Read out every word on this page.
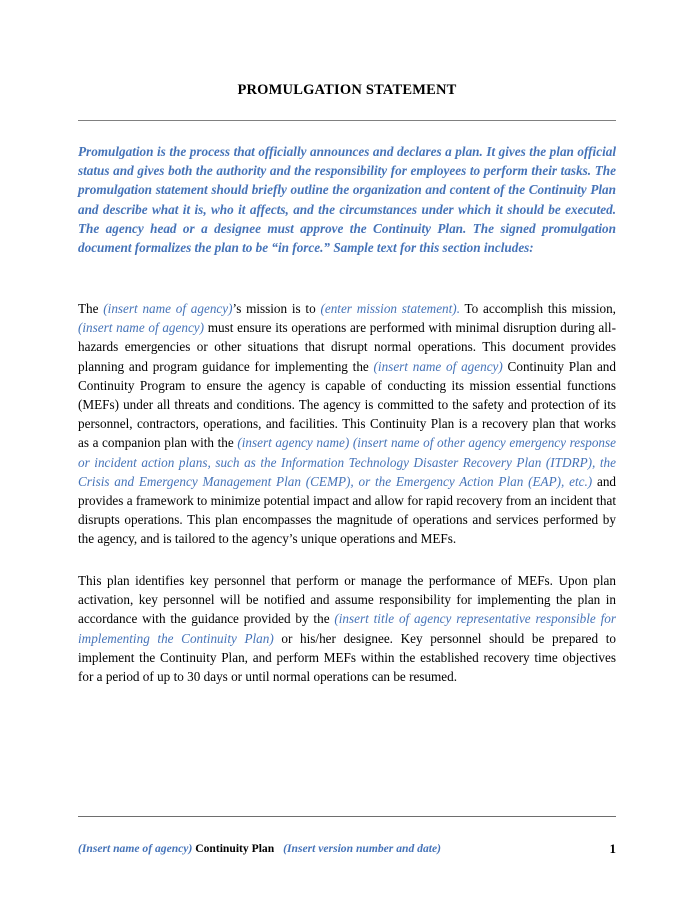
PROMULGATION STATEMENT
Promulgation is the process that officially announces and declares a plan. It gives the plan official status and gives both the authority and the responsibility for employees to perform their tasks. The promulgation statement should briefly outline the organization and content of the Continuity Plan and describe what it is, who it affects, and the circumstances under which it should be executed. The agency head or a designee must approve the Continuity Plan. The signed promulgation document formalizes the plan to be “in force.” Sample text for this section includes:
The (insert name of agency)’s mission is to (enter mission statement). To accomplish this mission, (insert name of agency) must ensure its operations are performed with minimal disruption during all-hazards emergencies or other situations that disrupt normal operations. This document provides planning and program guidance for implementing the (insert name of agency) Continuity Plan and Continuity Program to ensure the agency is capable of conducting its mission essential functions (MEFs) under all threats and conditions. The agency is committed to the safety and protection of its personnel, contractors, operations, and facilities. This Continuity Plan is a recovery plan that works as a companion plan with the (insert agency name) (insert name of other agency emergency response or incident action plans, such as the Information Technology Disaster Recovery Plan (ITDRP), the Crisis and Emergency Management Plan (CEMP), or the Emergency Action Plan (EAP), etc.) and provides a framework to minimize potential impact and allow for rapid recovery from an incident that disrupts operations. This plan encompasses the magnitude of operations and services performed by the agency, and is tailored to the agency’s unique operations and MEFs.
This plan identifies key personnel that perform or manage the performance of MEFs. Upon plan activation, key personnel will be notified and assume responsibility for implementing the plan in accordance with the guidance provided by the (insert title of agency representative responsible for implementing the Continuity Plan) or his/her designee. Key personnel should be prepared to implement the Continuity Plan, and perform MEFs within the established recovery time objectives for a period of up to 30 days or until normal operations can be resumed.
(Insert name of agency) Continuity Plan (Insert version number and date)	1
